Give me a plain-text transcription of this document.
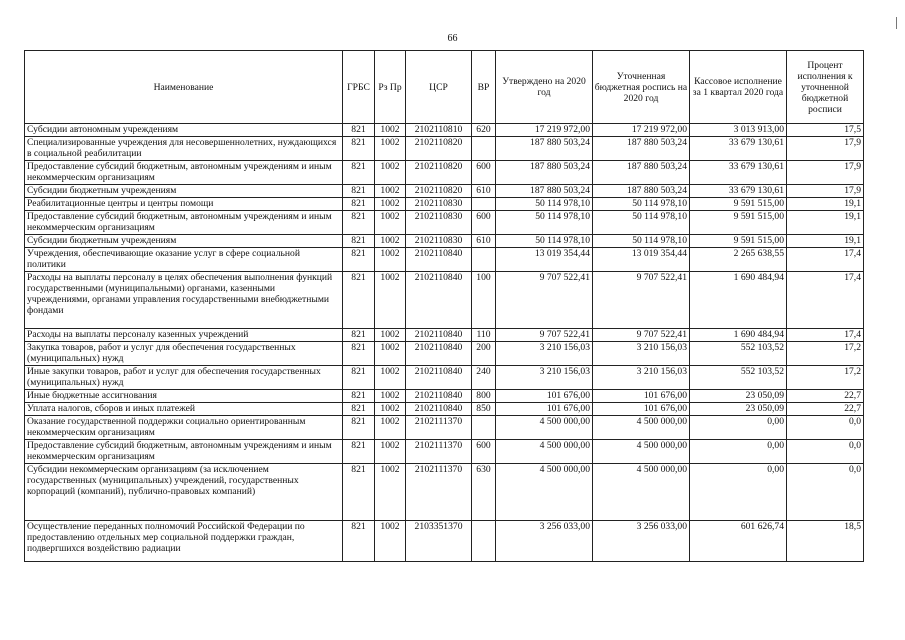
66
Наименование	ГРБС	Рз Пр	ЦСР	ВР	Утверждено на 2020 год	Уточненная бюджетная роспись на 2020 год	Кассовое исполнение за 1 квартал 2020 года	Процент исполнения к уточненной бюджетной росписи
Субсидии автономным учреждениям	821	1002	2102110810	620	17 219 972,00	17 219 972,00	3 013 913,00	17,5
Специализированные учреждения для несовершеннолетних, нуждающихся в социальной реабилитации	821	1002	2102110820		187 880 503,24	187 880 503,24	33 679 130,61	17,9
Предоставление субсидий бюджетным, автономным учреждениям и иным некоммерческим организациям	821	1002	2102110820	600	187 880 503,24	187 880 503,24	33 679 130,61	17,9
Субсидии бюджетным учреждениям	821	1002	2102110820	610	187 880 503,24	187 880 503,24	33 679 130,61	17,9
Реабилитационные центры и центры помощи	821	1002	2102110830		50 114 978,10	50 114 978,10	9 591 515,00	19,1
Предоставление субсидий бюджетным, автономным учреждениям и иным некоммерческим организациям	821	1002	2102110830	600	50 114 978,10	50 114 978,10	9 591 515,00	19,1
Субсидии бюджетным учреждениям	821	1002	2102110830	610	50 114 978,10	50 114 978,10	9 591 515,00	19,1
Учреждения, обеспечивающие оказание услуг в сфере социальной политики	821	1002	2102110840		13 019 354,44	13 019 354,44	2 265 638,55	17,4
Расходы на выплаты персоналу в целях обеспечения выполнения функций государственными (муниципальными) органами, казенными учреждениями, органами управления государственными внебюджетными фондами	821	1002	2102110840	100	9 707 522,41	9 707 522,41	1 690 484,94	17,4
Расходы на выплаты персоналу казенных учреждений	821	1002	2102110840	110	9 707 522,41	9 707 522,41	1 690 484,94	17,4
Закупка товаров, работ и услуг для обеспечения государственных (муниципальных) нужд	821	1002	2102110840	200	3 210 156,03	3 210 156,03	552 103,52	17,2
Иные закупки товаров, работ и услуг для обеспечения государственных (муниципальных) нужд	821	1002	2102110840	240	3 210 156,03	3 210 156,03	552 103,52	17,2
Иные бюджетные ассигнования	821	1002	2102110840	800	101 676,00	101 676,00	23 050,09	22,7
Уплата налогов, сборов и иных платежей	821	1002	2102110840	850	101 676,00	101 676,00	23 050,09	22,7
Оказание государственной поддержки социально ориентированным некоммерческим организациям	821	1002	2102111370		4 500 000,00	4 500 000,00	0,00	0,0
Предоставление субсидий бюджетным, автономным учреждениям и иным некоммерческим организациям	821	1002	2102111370	600	4 500 000,00	4 500 000,00	0,00	0,0
Субсидии некоммерческим организациям (за исключением государственных (муниципальных) учреждений, государственных корпораций (компаний), публично-правовых компаний)	821	1002	2102111370	630	4 500 000,00	4 500 000,00	0,00	0,0
Осуществление переданных полномочий Российской Федерации по предоставлению отдельных мер социальной поддержки граждан, подвергшихся воздействию радиации	821	1002	2103351370		3 256 033,00	3 256 033,00	601 626,74	18,5
